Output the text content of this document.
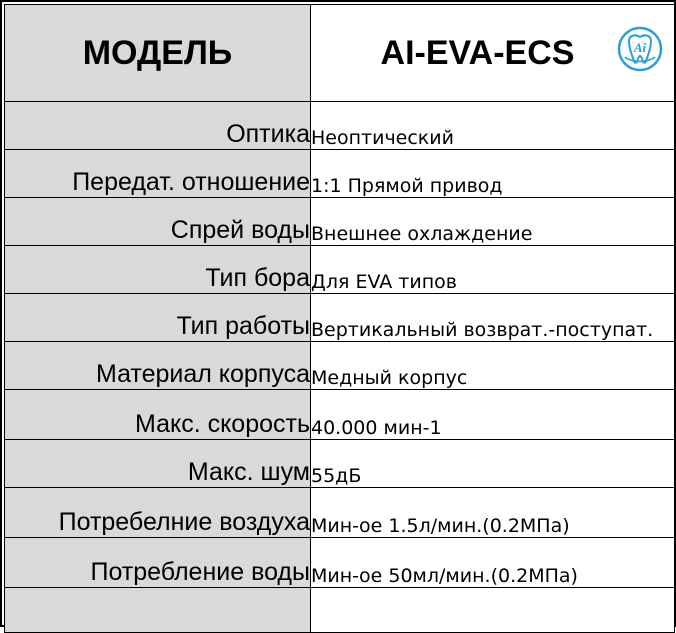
МОДЕЛЬ	AI-EVA-ECS Ai

Оптика	Неоптический
Передат. отношение	1:1 Прямой привод
Спрей воды	Внешнее охлаждение
Тип бора	Для EVA типов
Тип работы	Вертикальный возврат.-поступат.
Материал корпуса	Медный корпус
Макс. скорость	40.000 мин-1
Макс. шум	55дБ
Потребелние воздуха	Мин-ое 1.5л/мин.(0.2МПа)
Потребление воды	Мин-ое 50мл/мин.(0.2МПа)
